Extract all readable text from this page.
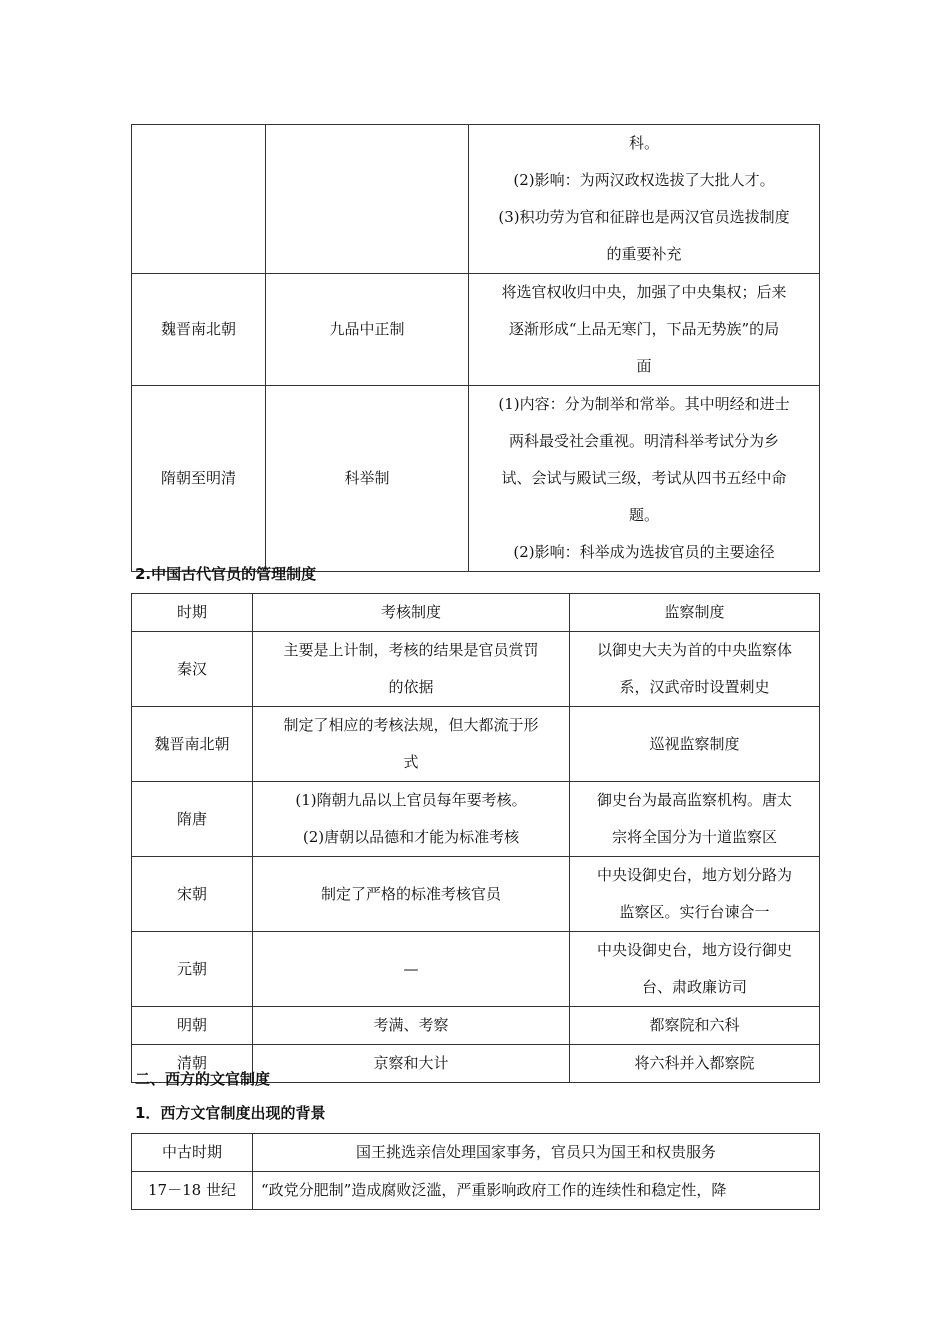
		科。
(2)影响：为两汉政权选拔了大批人才。
(3)积功劳为官和征辟也是两汉官员选拔制度
的重要补充

魏晋南北朝	九品中正制	将选官权收归中央，加强了中央集权；后来
逐渐形成“上品无寒门，下品无势族”的局
面

隋朝至明清	科举制	(1)内容：分为制举和常举。其中明经和进士
两科最受社会重视。明清科举考试分为乡
试、会试与殿试三级，考试从四书五经中命
题。
(2)影响：科举成为选拔官员的主要途径
2.中国古代官员的管理制度
时期	考核制度	监察制度
秦汉	主要是上计制，考核的结果是官员赏罚
的依据	以御史大夫为首的中央监察体
系，汉武帝时设置刺史

魏晋南北朝	制定了相应的考核法规，但大都流于形
式	巡视监察制度

隋唐	(1)隋朝九品以上官员每年要考核。
(2)唐朝以品德和才能为标准考核	御史台为最高监察机构。唐太
宗将全国分为十道监察区

宋朝	制定了严格的标准考核官员	中央设御史台，地方划分路为
监察区。实行台谏合一

元朝	—	中央设御史台，地方设行御史
台、肃政廉访司

明朝	考满、考察	都察院和六科

清朝	京察和大计	将六科并入都察院
二、西方的文官制度
1．西方文官制度出现的背景
中古时期	国王挑选亲信处理国家事务，官员只为国王和权贵服务
17－18 世纪	“政党分肥制”造成腐败泛滥，严重影响政府工作的连续性和稳定性，降
